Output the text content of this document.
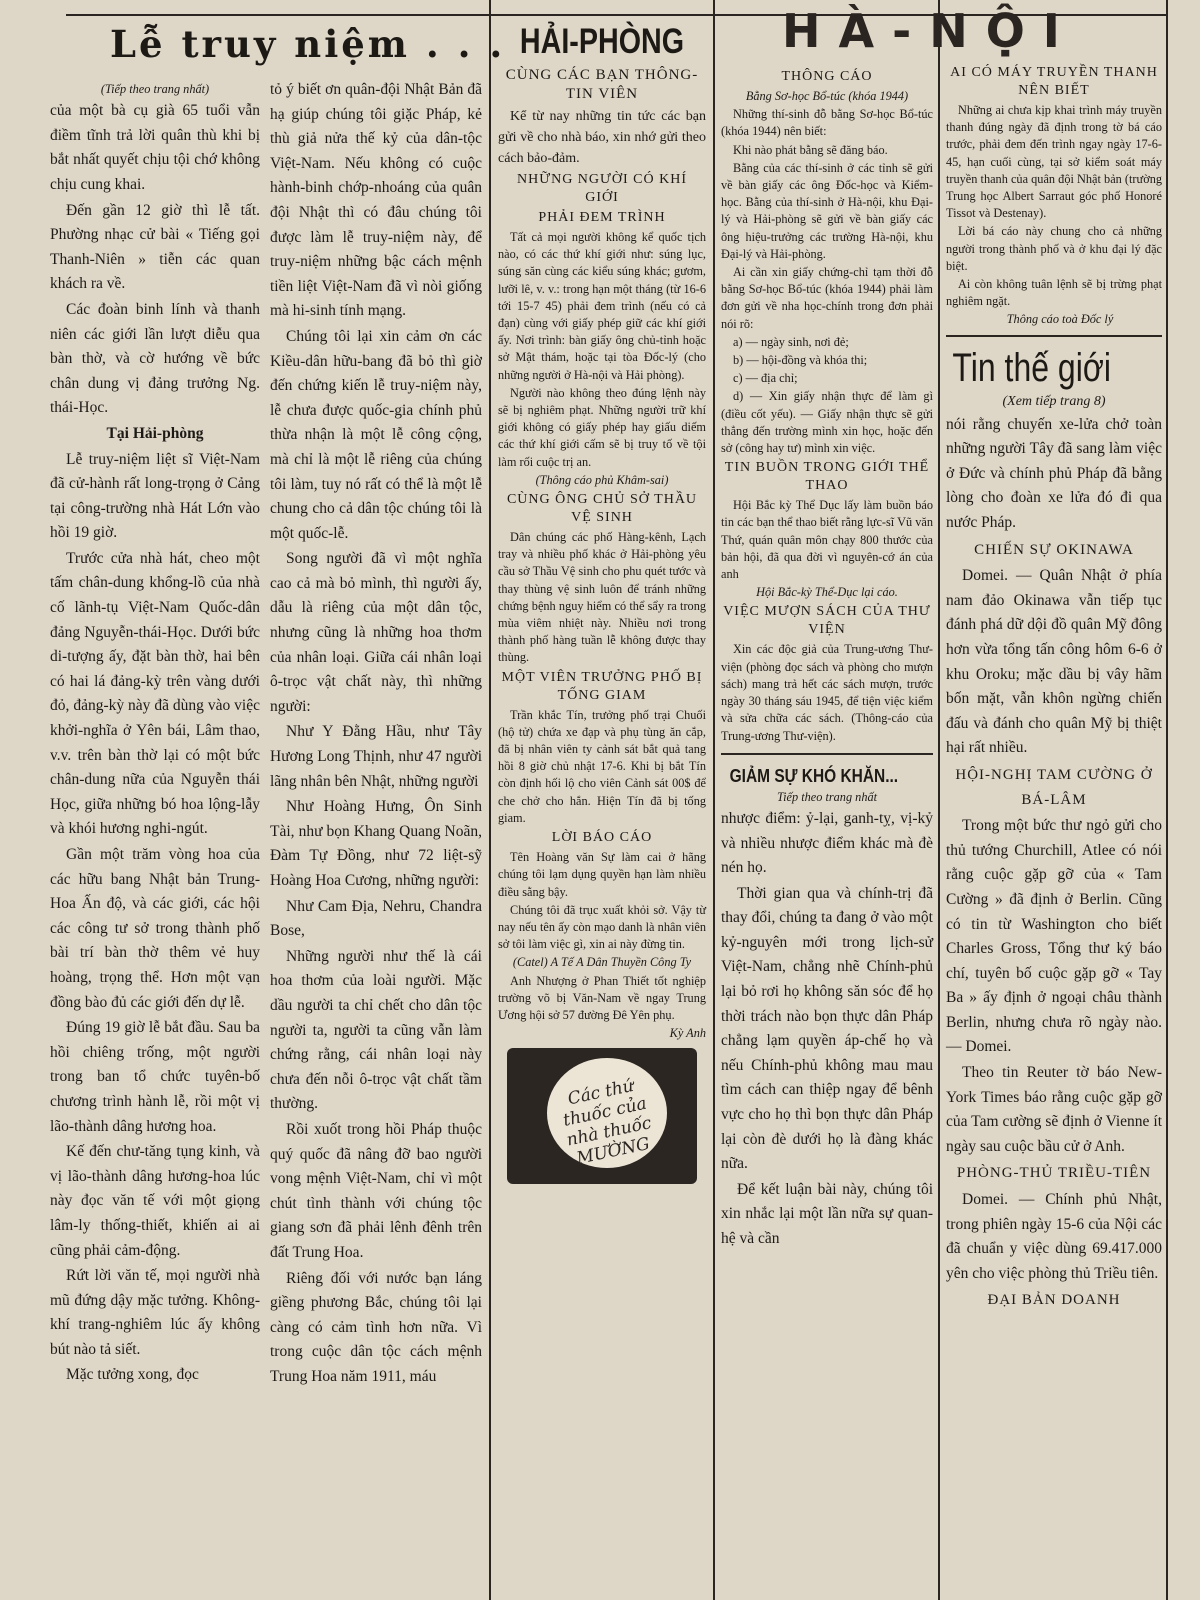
Lễ truy niệm . . .

(Tiếp theo trang nhất)

của một bà cụ già 65 tuổi vẫn điềm tĩnh trả lời quân thù khi bị bắt nhất quyết chịu tội chớ không chịu cung khai.

Đến gần 12 giờ thì lễ tất. Phường nhạc cử bài « Tiếng gọi Thanh-Niên » tiễn các quan khách ra về.

Các đoàn binh lính và thanh niên các giới lần lượt diễu qua bàn thờ, và cờ hướng về bức chân dung vị đảng trưởng Ng. thái-Học.

Tại Hải-phòng

Lễ truy-niệm liệt sĩ Việt-Nam đã cử-hành rất long-trọng ở Cảng tại công-trường nhà Hát Lớn vào hồi 19 giờ.

Trước cửa nhà hát, cheo một tấm chân-dung khổng-lồ của nhà cố lãnh-tụ Việt-Nam Quốc-dân đảng Nguyễn-thái-Học. Dưới bức di-tượng ấy, đặt bàn thờ, hai bên có hai lá đảng-kỳ trên vàng dưới đỏ, đảng-kỳ này đã dùng vào việc khởi-nghĩa ở Yên bái, Lâm thao, v.v. trên bàn thờ lại có một bức chân-dung nữa của Nguyễn thái Học, giữa những bó hoa lộng-lẫy và khói hương nghi-ngút.

Gần một trăm vòng hoa của các hữu bang Nhật bản Trung-Hoa Ấn độ, và các giới, các hội các công tư sở trong thành phố bài trí bàn thờ thêm vẻ huy hoàng, trọng thể. Hơn một vạn đồng bào đủ các giới đến dự lễ.

Đúng 19 giờ lễ bắt đầu. Sau ba hồi chiêng trống, một người trong ban tổ chức tuyên-bố chương trình hành lễ, rồi một vị lão-thành dâng hương hoa.

Kế đến chư-tăng tụng kinh, và vị lão-thành dâng hương-hoa lúc này đọc văn tế với một giọng lâm-ly thống-thiết, khiến ai ai cũng phải cảm-động.

Rứt lời văn tế, mọi người nhà mũ đứng dậy mặc tưởng. Không-khí trang-nghiêm lúc ấy không bút nào tả siết.

Mặc tưởng xong, đọc

tỏ ý biết ơn quân-đội Nhật Bản đã hạ giúp chúng tôi giặc Pháp, kẻ thù giả nửa thế kỷ của dân-tộc Việt-Nam. Nếu không có cuộc hành-binh chớp-nhoáng của quân đội Nhật thì có đâu chúng tôi được làm lễ truy-niệm này, để truy-niệm những bậc cách mệnh tiền liệt Việt-Nam đã vì nòi giống mà hi-sinh tính mạng.

Chúng tôi lại xin cảm ơn các Kiều-dân hữu-bang đã bỏ thì giờ đến chứng kiến lễ truy-niệm này, lễ chưa được quốc-gia chính phủ thừa nhận là một lễ công cộng, mà chỉ là một lễ riêng của chúng tôi làm, tuy nó rất có thể là một lễ chung cho cả dân tộc chúng tôi là một quốc-lễ.

Song người đã vì một nghĩa cao cả mà bỏ mình, thì người ấy, dẫu là riêng của một dân tộc, nhưng cũng là những hoa thơm của nhân loại. Giữa cái nhân loại ô-trọc vật chất này, thì những người:

Như Y Đằng Hầu, như Tây Hương Long Thịnh, như 47 người lãng nhân bên Nhật, những người

Như Hoàng Hưng, Ôn Sinh Tài, như bọn Khang Quang Noãn, Đàm Tự Đồng, như 72 liệt-sỹ Hoàng Hoa Cương, những người:

Như Cam Địa, Nehru, Chandra Bose,

Những người như thế là cái hoa thơm của loài người. Mặc dầu người ta chỉ chết cho dân tộc người ta, người ta cũng vẫn làm chứng rằng, cái nhân loại này chưa đến nỗi ô-trọc vật chất tầm thường.

Rồi xuốt trong hồi Pháp thuộc quý quốc đã nâng đỡ bao người vong mệnh Việt-Nam, chỉ vì một chút tình thành với chúng tộc giang sơn đã phải lênh đênh trên đất Trung Hoa.

Riêng đối với nước bạn láng giềng phương Bắc, chúng tôi lại càng có cảm tình hơn nữa. Vì trong cuộc dân tộc cách mệnh Trung Hoa năm 1911, máu

HẢI-PHÒNG

CÙNG CÁC BẠN THÔNG-TIN VIÊN

Kể từ nay những tin tức các bạn gửi về cho nhà báo, xin nhớ gửi theo cách bảo-đảm.

NHỮNG NGƯỜI CÓ KHÍ GIỚI

PHẢI ĐEM TRÌNH

Tất cả mọi người không kể quốc tịch nào, có các thứ khí giới như: súng lục, súng săn cùng các kiểu súng khác; gươm, lưỡi lê, v. v.: trong hạn một tháng (từ 16-6 tới 15-7 45) phải đem trình (nếu có cả đạn) cùng với giấy phép giữ các khí giới ấy. Nơi trình: bàn giấy ông chủ-tỉnh hoặc sở Mật thám, hoặc tại tòa Đốc-lý (cho những người ở Hà-nội và Hải phòng).

Người nào không theo đúng lệnh này sẽ bị nghiêm phạt. Những người trữ khí giới không có giấy phép hay giấu diếm các thứ khí giới cấm sẽ bị truy tố về tội làm rối cuộc trị an.

(Thông cáo phủ Khâm-sai)

CÙNG ÔNG CHỦ SỞ THẦU VỆ SINH

Dân chúng các phố Hàng-kênh, Lạch tray và nhiều phố khác ở Hải-phòng yêu cầu sở Thầu Vệ sinh cho phu quét tước và thay thùng vệ sinh luôn để tránh những chứng bệnh nguy hiểm có thể sẩy ra trong mùa viêm nhiệt này. Nhiều nơi trong thành phố hàng tuần lễ không được thay thùng.

MỘT VIÊN TRƯỞNG PHỐ BỊ TỐNG GIAM

Trần khắc Tín, trưởng phố trại Chuối (hộ tử) chứa xe đạp và phụ tùng ăn cắp, đã bị nhân viên ty cảnh sát bắt quả tang hồi 8 giờ chủ nhật 17-6. Khi bị bắt Tín còn định hối lộ cho viên Cảnh sát 00$ để che chở cho hắn. Hiện Tín đã bị tống giam.

LỜI BÁO CÁO

Tên Hoàng văn Sự làm cai ở hãng chúng tôi lạm dụng quyền hạn làm nhiều điều sằng bậy.

Chúng tôi đã trục xuất khỏi sở. Vậy từ nay nếu tên ấy còn mạo danh là nhân viên sở tôi làm việc gì, xin ai này đừng tin.

(Catel) A Tế A Dân Thuyền Công Ty

Anh Nhượng ở Phan Thiết tốt nghiệp trường võ bị Văn-Nam về ngay Trung Ương hội sở 57 đường Đê Yên phụ.

Kỳ Anh

Các thứ thuốc của nhà thuốc MƯỜNG

THÔNG CÁO

Bằng Sơ-học Bổ-túc (khóa 1944)

Những thí-sinh đỗ bằng Sơ-học Bổ-túc (khóa 1944) nên biết:

Khi nào phát bằng sẽ đăng báo.

Bằng của các thí-sinh ở các tỉnh sẽ gửi về bàn giấy các ông Đốc-học và Kiểm-học. Bằng của thí-sinh ở Hà-nội, khu Đại-lý và Hải-phòng sẽ gửi về bàn giấy các ông hiệu-trưởng các trường Hà-nội, khu Đại-lý và Hải-phòng.

Ai cần xin giấy chứng-chỉ tạm thời đỗ bằng Sơ-học Bổ-túc (khóa 1944) phải làm đơn gửi về nha học-chính trong đơn phải nói rõ:

a) — ngày sinh, nơi đẻ;

b) — hội-đồng và khóa thi;

c) — địa chỉ;

d) — Xin giấy nhận thực để làm gì (điều cốt yếu). — Giấy nhận thực sẽ gửi thẳng đến trường mình xin học, hoặc đến sở (công hay tư) mình xin việc.

TIN BUỒN TRONG GIỚI THỂ THAO

Hội Bắc kỳ Thể Dục lấy làm buồn báo tin các bạn thể thao biết rằng lực-sĩ Vũ văn Thứ, quán quân môn chạy 800 thước của bản hội, đã qua đời vì nguyên-cớ án của anh

Hội Bắc-kỳ Thể-Dục lại cáo.

VIỆC MƯỢN SÁCH CỦA THƯ VIỆN

Xin các độc giả của Trung-ương Thư-viện (phòng đọc sách và phòng cho mượn sách) mang trả hết các sách mượn, trước ngày 30 tháng sáu 1945, để tiện việc kiểm và sửa chữa các sách. (Thông-cáo của Trung-ương Thư-viện).

GIẢM SỰ KHÓ KHĂN...

Tiếp theo trang nhất

nhược điểm: ỷ-lại, ganh-tỵ, vị-kỷ và nhiều nhược điểm khác mà đè nén họ.

Thời gian qua và chính-trị đã thay đổi, chúng ta đang ở vào một kỷ-nguyên mới trong lịch-sử Việt-Nam, chẳng nhẽ Chính-phủ lại bỏ rơi họ không săn sóc để họ thời trách nào bọn thực dân Pháp chẳng lạm quyền áp-chế họ và nếu Chính-phủ không mau mau tìm cách can thiệp ngay để bênh vực cho họ thì bọn thực dân Pháp lại còn đè dưới họ là đàng khác nữa.

Để kết luận bài này, chúng tôi xin nhắc lại một lần nữa sự quan-hệ và cần

HÀ-NỘI

AI CÓ MÁY TRUYỀN THANH NÊN BIẾT

Những ai chưa kịp khai trình máy truyền thanh đúng ngày đã định trong tờ bá cáo trước, phải đem đến trình ngay ngày 17-6-45, hạn cuối cùng, tại sở kiểm soát máy truyền thanh của quân đội Nhật bản (trường Trung học Albert Sarraut góc phố Honoré Tissot và Destenay).

Lời bá cáo này chung cho cả những người trong thành phố và ở khu đại lý đặc biệt.

Ai còn không tuân lệnh sẽ bị trừng phạt nghiêm ngặt.

Thông cáo toà Đốc lý

Tin thế giới

(Xem tiếp trang 8)

nói rằng chuyến xe-lửa chở toàn những người Tây đã sang làm việc ở Đức và chính phủ Pháp đã bằng lòng cho đoàn xe lửa đó đi qua nước Pháp.

CHIẾN SỰ OKINAWA

Domei. — Quân Nhật ở phía nam đảo Okinawa vẫn tiếp tục đánh phá dữ dội đồ quân Mỹ đông hơn vừa tổng tấn công hôm 6-6 ở khu Oroku; mặc dầu bị vây hãm bốn mặt, vẫn khôn ngừng chiến đấu và đánh cho quân Mỹ bị thiệt hại rất nhiều.

HỘI-NGHỊ TAM CƯỜNG Ở BÁ-LÂM

Trong một bức thư ngỏ gửi cho thủ tướng Churchill, Atlee có nói rằng cuộc gặp gỡ của « Tam Cường » đã định ở Berlin. Cũng có tin từ Washington cho biết Charles Gross, Tổng thư ký báo chí, tuyên bố cuộc gặp gỡ « Tay Ba » ấy định ở ngoại châu thành Berlin, nhưng chưa rõ ngày nào. — Domei.

Theo tin Reuter tờ báo New-York Times báo rằng cuộc gặp gỡ của Tam cường sẽ định ở Vienne ít ngày sau cuộc bầu cử ở Anh.

PHÒNG-THỦ TRIỀU-TIÊN

Domei. — Chính phủ Nhật, trong phiên ngày 15-6 của Nội các đã chuẩn y việc dùng 69.417.000 yên cho việc phòng thủ Triều tiên.

ĐẠI BẢN DOANH
